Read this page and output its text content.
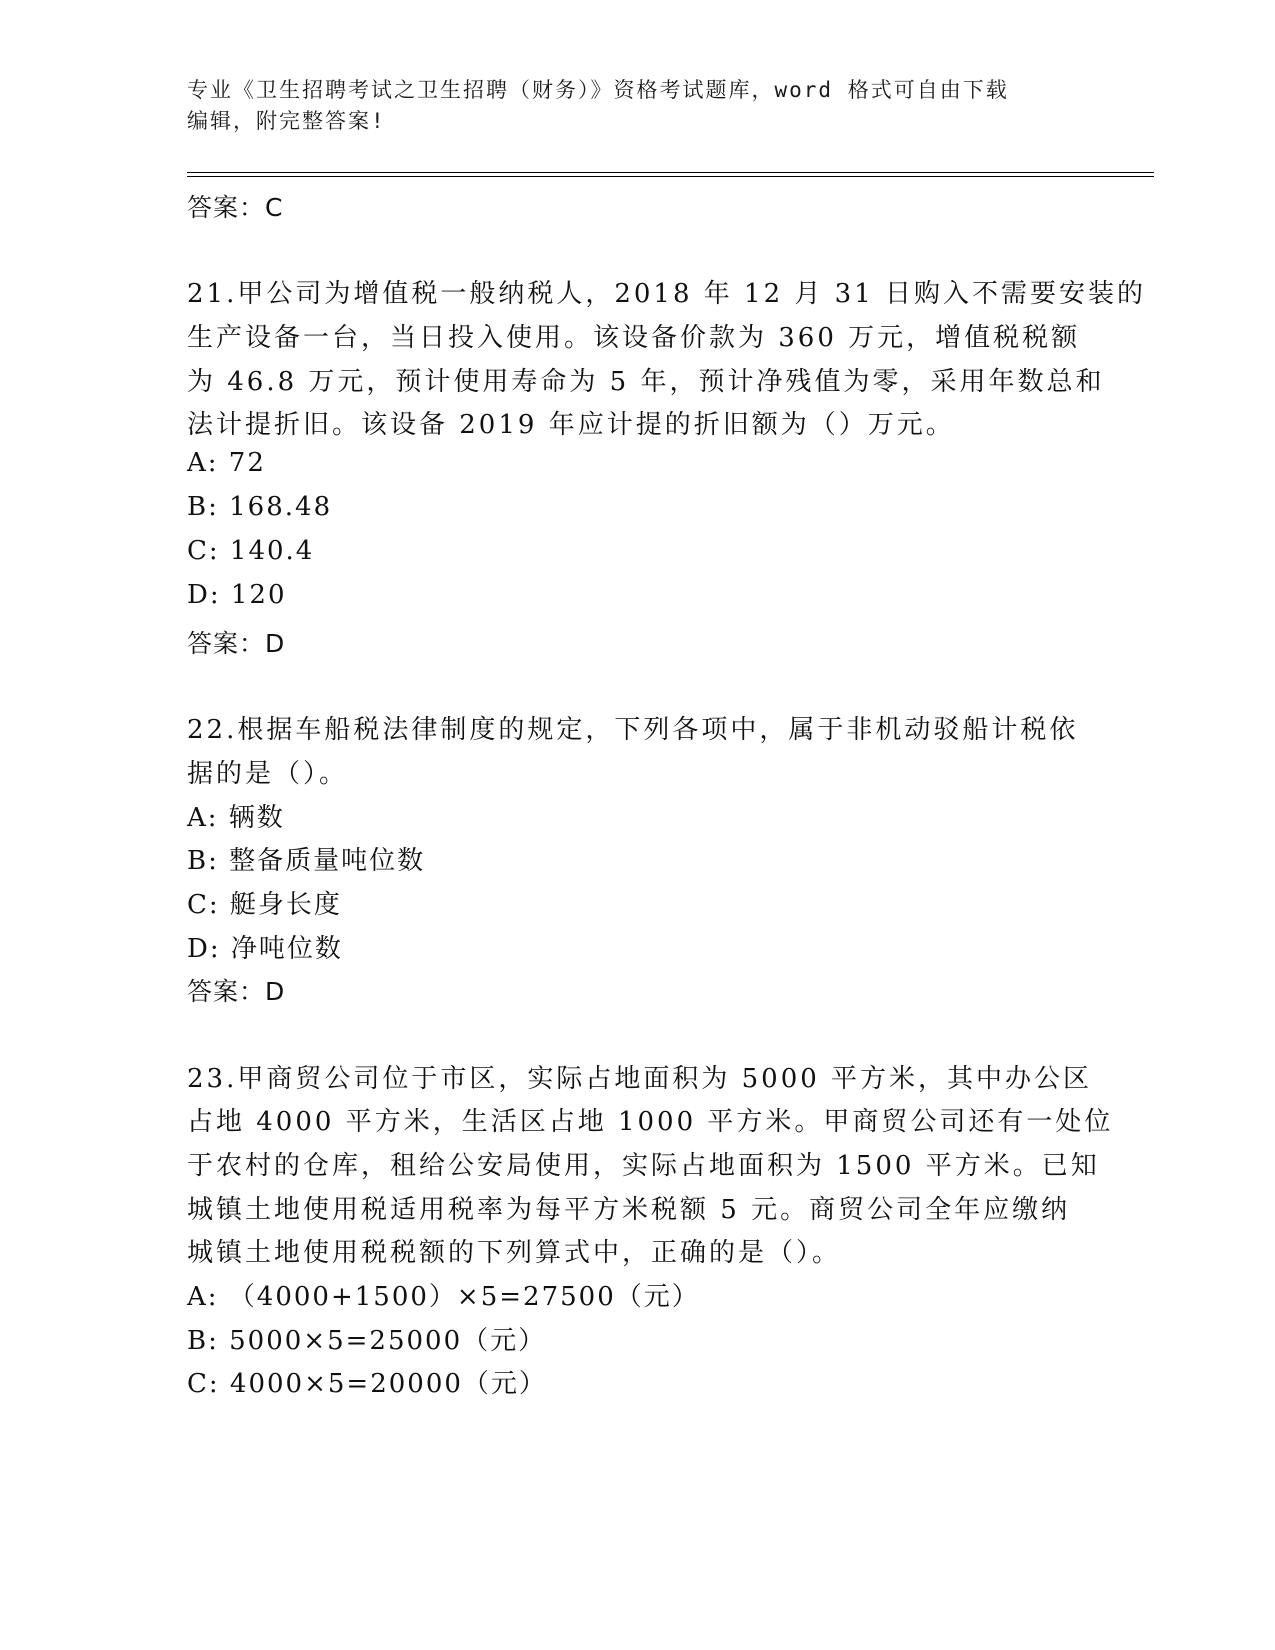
专业《卫生招聘考试之卫生招聘（财务）》资格考试题库，word 格式可自由下载

编辑，附完整答案!

答案：C

21.甲公司为增值税一般纳税人，2018 年 12 月 31 日购入不需要安装的

生产设备一台，当日投入使用。该设备价款为 360 万元，增值税税额

为 46.8 万元，预计使用寿命为 5 年，预计净残值为零，采用年数总和

法计提折旧。该设备 2019 年应计提的折旧额为（）万元。

A: 72

B: 168.48

C: 140.4

D: 120

答案：D

22.根据车船税法律制度的规定，下列各项中，属于非机动驳船计税依

据的是（）。

A: 辆数

B: 整备质量吨位数

C: 艇身长度

D: 净吨位数

答案：D

23.甲商贸公司位于市区，实际占地面积为 5000 平方米，其中办公区

占地 4000 平方米，生活区占地 1000 平方米。甲商贸公司还有一处位

于农村的仓库，租给公安局使用，实际占地面积为 1500 平方米。已知

城镇土地使用税适用税率为每平方米税额 5 元。商贸公司全年应缴纳

城镇土地使用税税额的下列算式中，正确的是（）。

A: （4000+1500）×5=27500（元）

B: 5000×5=25000（元）

C: 4000×5=20000（元）
